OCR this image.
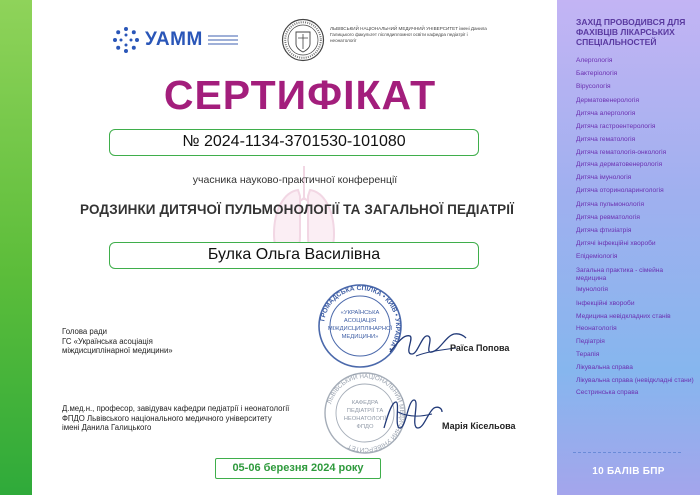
УАММ
ЛЬВІВСЬКИЙ НАЦІОНАЛЬНИЙ МЕДИЧНИЙ УНІВЕРСИТЕТ імені Данила Галицького факультет післядипломної освіти кафедра педіатрії і неонатології
СЕРТИФІКАТ
№ 2024-1134-3701530-101080
учасника науково-практичної конференції
РОДЗИНКИ ДИТЯЧОЇ ПУЛЬМОНОЛОГІЇ ТА ЗАГАЛЬНОЇ ПЕДІАТРІЇ
Булка Ольга Василівна
Голова ради
ГС «Українська асоціація
міждисциплінарної медицини»
ГРОМАДСЬКА СПІЛКА • КИЇВ • УКРАЇНА •
«УКРАЇНСЬКА
АСОЦІАЦІЯ
МІЖДИСЦИПЛІНАРНОЇ
МЕДИЦИНИ»
Раїса Попова
Д.мед.н., професор, завідувач кафедри педіатрії і неонатології
ФПДО Львівського національного медичного університету
імені Данила Галицького
ЛЬВІВСЬКИЙ НАЦІОНАЛЬНИЙ МЕДИЧНИЙ УНІВЕРСИТЕТ
КАФЕДРА
ПЕДІАТРІЇ ТА
НЕОНАТОЛОГІЇ
ФПДО	Марія Кісельова
05-06 березня 2024 року
ЗАХІД ПРОВОДИВСЯ ДЛЯ ФАХІВЦІВ ЛІКАРСЬКИХ СПЕЦІАЛЬНОСТЕЙ
Алергологія
Бактеріологія
Вірусологія
Дерматовенерологія
Дитяча алергологія
Дитяча гастроентерологія
Дитяча гематологія
Дитяча гематологія-онкологія
Дитяча дерматовенерологія
Дитяча імунологія
Дитяча оториноларингологія
Дитяча пульмонологія
Дитяча ревматологія
Дитяча фтизіатрія
Дитячі інфекційні хвороби
Епідеміологія
Загальна практика - сімейна медицина
Імунологія
Інфекційні хвороби
Медицина невідкладних станів
Неонатологія
Педіатрія
Терапія
Лікувальна справа
Лікувальна справа (невідкладні стани)
Сестринська справа
10 БАЛІВ БПР
